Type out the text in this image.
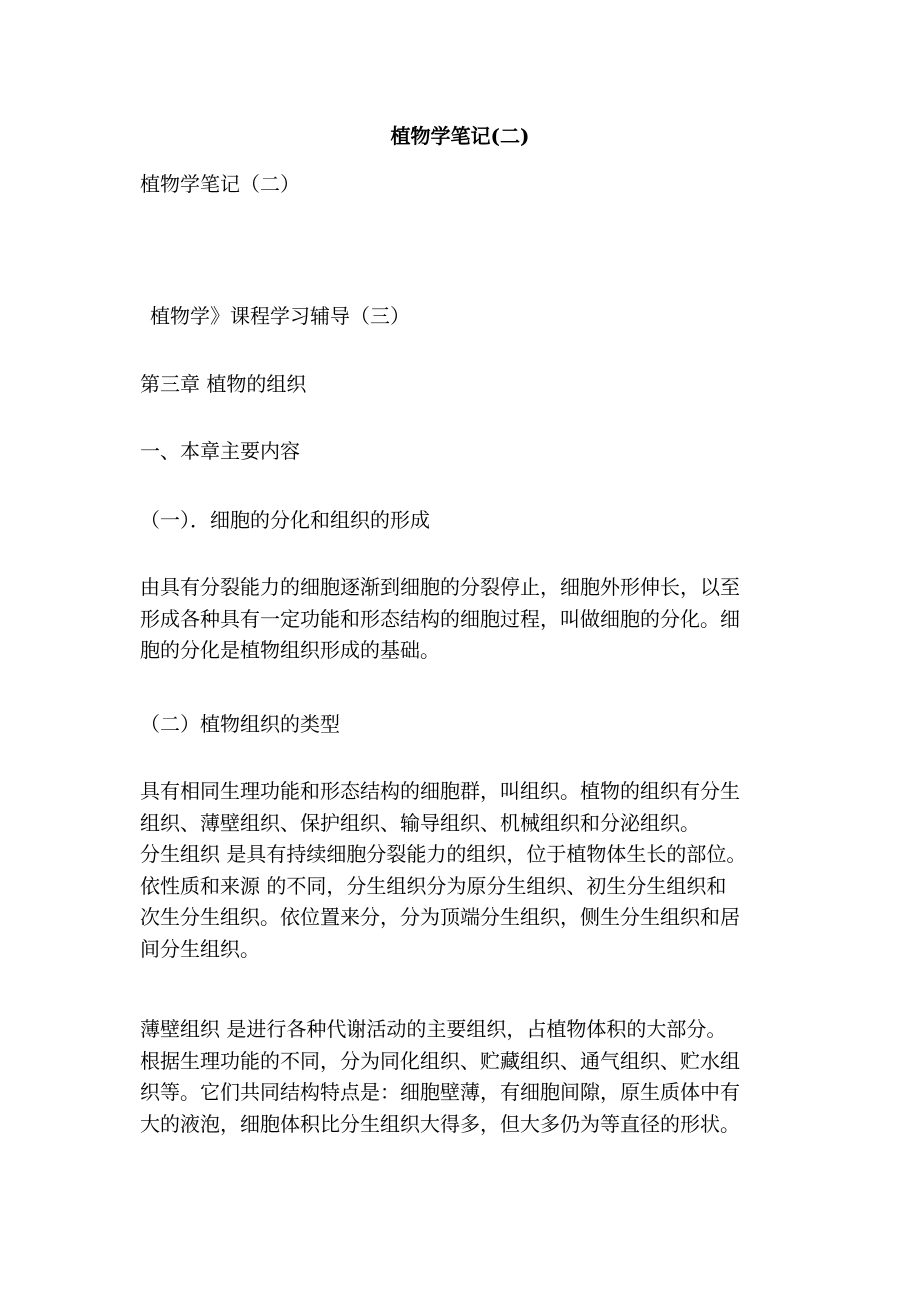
植物学笔记(二)
植物学笔记（二）
植物学》课程学习辅导（三）
第三章 植物的组织
一、本章主要内容
（一）．细胞的分化和组织的形成
由具有分裂能力的细胞逐渐到细胞的分裂停止，细胞外形伸长，以至
形成各种具有一定功能和形态结构的细胞过程，叫做细胞的分化。细
胞的分化是植物组织形成的基础。
（二）植物组织的类型
具有相同生理功能和形态结构的细胞群，叫组织。植物的组织有分生
组织、薄壁组织、保护组织、输导组织、机械组织和分泌组织。
分生组织 是具有持续细胞分裂能力的组织，位于植物体生长的部位。
依性质和来源 的不同，分生组织分为原分生组织、初生分生组织和
次生分生组织。依位置来分，分为顶端分生组织，侧生分生组织和居
间分生组织。
薄壁组织 是进行各种代谢活动的主要组织，占植物体积的大部分。
根据生理功能的不同，分为同化组织、贮藏组织、通气组织、贮水组
织等。它们共同结构特点是：细胞壁薄，有细胞间隙，原生质体中有
大的液泡，细胞体积比分生组织大得多，但大多仍为等直径的形状。
